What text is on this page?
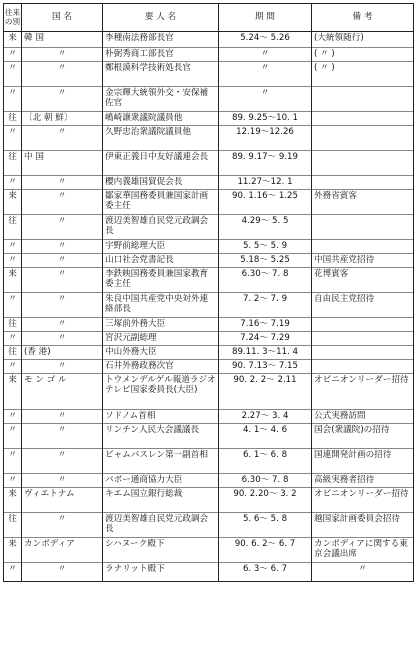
往来の別	国 名	要 人 名	期 間	備 考
来	韓 国	李種南法務部長官	5.24〜 5.26	(大統領随行)
〃	〃	朴弼秀商工部長官	〃	( 〃 )
〃	〃	鄭根謨科学技術処長官	〃	( 〃 )
〃	〃	金宗輝大統領外交・安保補佐官	〃	
往	〔北 朝 鮮〕	嶋崎譲衆議院議員他	89. 9.25〜10. 1	
〃	〃	久野忠治衆議院議員他	12.19〜12.26	
往	中 国	伊東正義日中友好議連会長	89. 9.17〜 9.19	
〃	〃	櫻内義雄国貿促会長	11.27〜12. 1	
来	〃	鄒家華国務委員兼国家計画委主任	90. 1.16〜 1.25	外務省賓客
往	〃	渡辺美智雄自民党元政調会長	4.29〜 5. 5	
〃	〃	宇野前総理大臣	5. 5〜 5. 9	
〃	〃	山口社会党書記長	5.18〜 5.25	中国共産党招待
来	〃	李鉄映国務委員兼国家教育委主任	6.30〜 7. 8	花博賓客
〃	〃	朱良中国共産党中央対外連絡部長	7. 2〜 7. 9	自由民主党招待
往	〃	三塚前外務大臣	7.16〜 7.19	
〃	〃	宮沢元副総理	7.24〜 7.29	
往	(香 港)	中山外務大臣	89.11. 3〜11. 4	
〃	〃	石井外務政務次官	90. 7.13〜 7.15	
来	モ ン ゴ ル	トウメンデルゲル報道ラジオテレビ国家委員長(大臣)	90. 2. 2〜 2.11	オビニオンリーダー招待
〃	〃	ソドノム首相	2.27〜 3. 4	公式実務訪問
〃	〃	リンチン人民大会議議長	4. 1〜 4. 6	国会(衆議院)の招待
〃	〃	ビャムバスレン第一副首相	6. 1〜 6. 8	国連開発計画の招待
〃	〃	バボー通商協力大臣	6.30〜 7. 8	高級実務者招待
来	ヴィエトナム	キエム国立銀行総裁	90. 2.20〜 3. 2	オビニオンリーダー招待
往	〃	渡辺美智雄自民党元政調会長	5. 6〜 5. 8	越国家計画委員会招待
来	カンボディア	シハヌーク殿下	90. 6. 2〜 6. 7	カンボディアに関する東京会議出席
〃	〃	ラナリット殿下	6. 3〜 6. 7	〃
